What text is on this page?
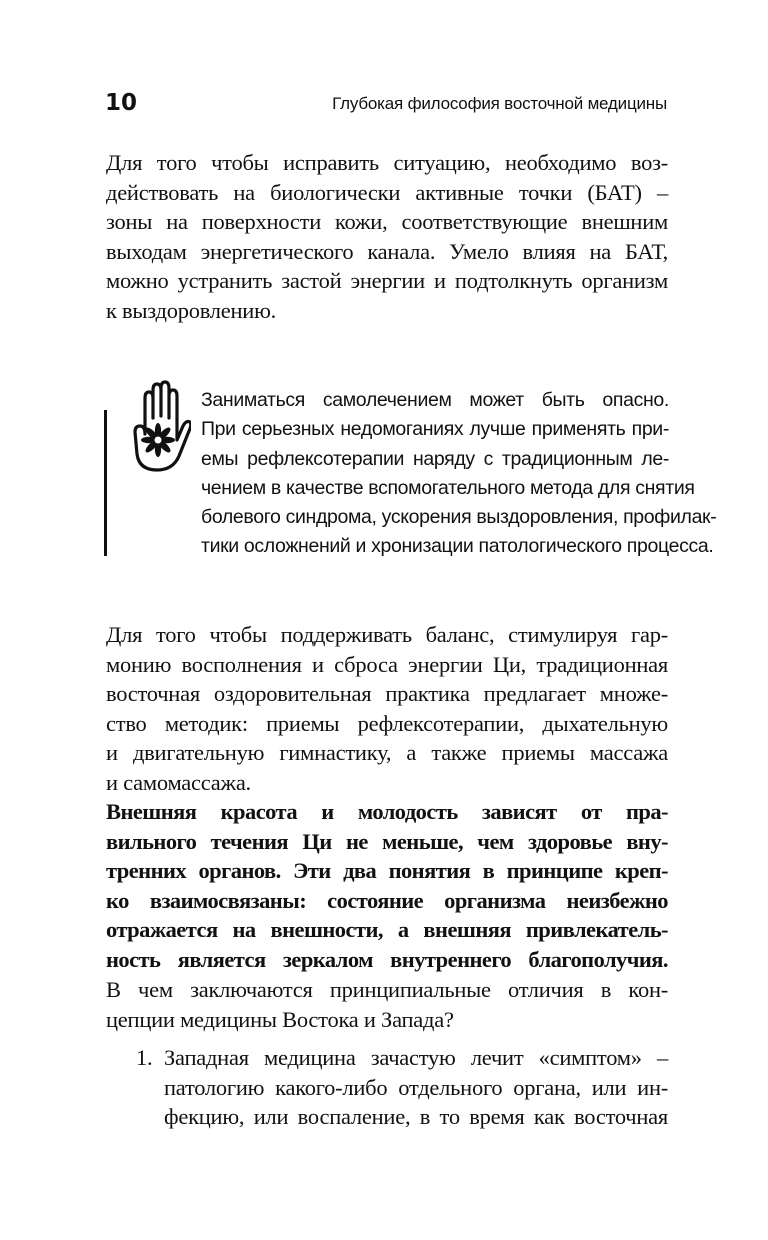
10	Глубокая философия восточной медицины
Для того чтобы исправить ситуацию, необходимо воз-
действовать на биологически активные точки (БАТ) –
зоны на поверхности кожи, соответствующие внешним
выходам энергетического канала. Умело влияя на БАТ,
можно устранить застой энергии и подтолкнуть организм
к выздоровлению.
Заниматься самолечением может быть опасно.
При серьезных недомоганиях лучше применять при-
емы рефлексотерапии наряду с традиционным ле-
чением в качестве вспомогательного метода для снятия
болевого синдрома, ускорения выздоровления, профилак-
тики осложнений и хронизации патологического процесса.
Для того чтобы поддерживать баланс, стимулируя гар-
монию восполнения и сброса энергии Ци, традиционная
восточная оздоровительная практика предлагает множе-
ство методик: приемы рефлексотерапии, дыхательную
и двигательную гимнастику, а также приемы массажа
и самомассажа.
Внешняя красота и молодость зависят от пра-
вильного течения Ци не меньше, чем здоровье вну-
тренних органов. Эти два понятия в принципе креп-
ко взаимосвязаны: состояние организма неизбежно
отражается на внешности, а внешняя привлекатель-
ность является зеркалом внутреннего благополучия.
В чем заключаются принципиальные отличия в кон-
цепции медицины Востока и Запада?
1. Западная медицина зачастую лечит «симптом» –
патологию какого-либо отдельного органа, или ин-
фекцию, или воспаление, в то время как восточная
